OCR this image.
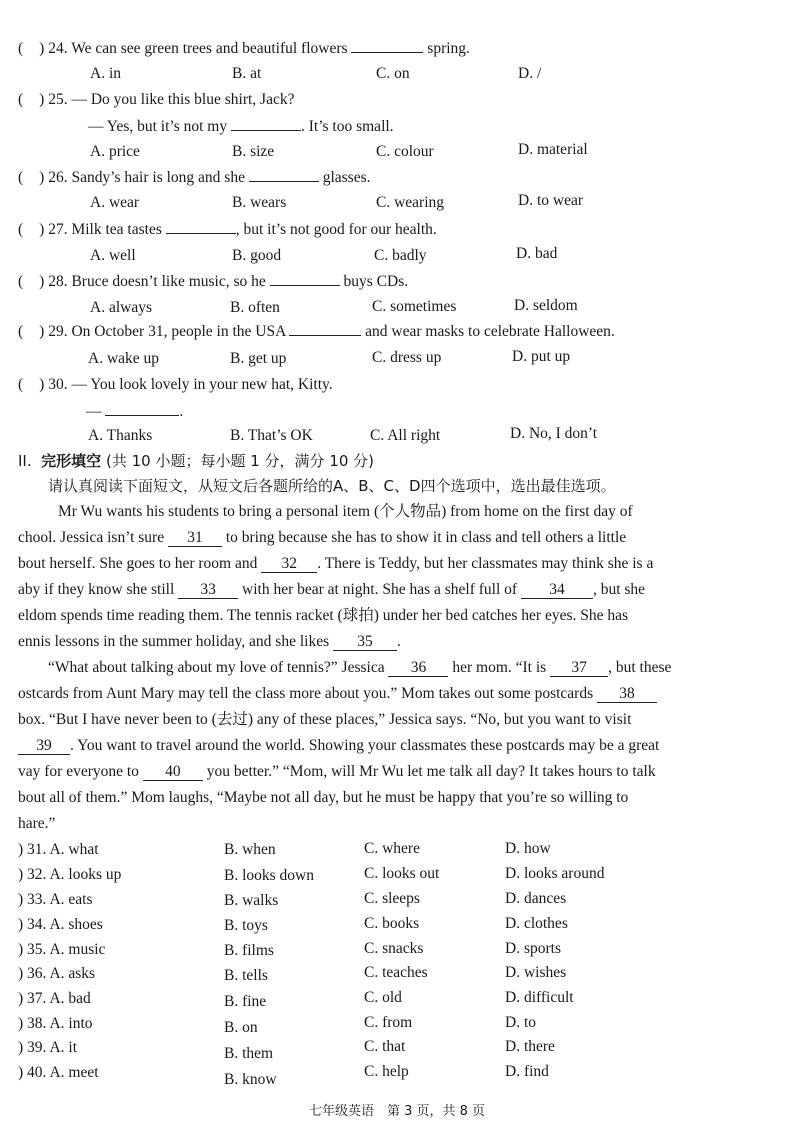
( ) 24. We can see green trees and beautiful flowers	spring.
A. in	B. at	C. on	D. /
( ) 25. — Do you like this blue shirt, Jack?
— Yes, but it’s not my	. It’s too small.
A. price	B. size	C. colour	D. material
( ) 26. Sandy’s hair is long and she	glasses.
A. wear	B. wears	C. wearing	D. to wear
( ) 27. Milk tea tastes	, but it’s not good for our health.
A. well	B. good	C. badly	D. bad
( ) 28. Bruce doesn’t like music, so he	buys CDs.
A. always	B. often	C. sometimes	D. seldom
( ) 29. On October 31, people in the USA	and wear masks to celebrate Halloween.
A. wake up	B. get up	C. dress up	D. put up
( ) 30. — You look lovely in your new hat, Kitty.
—	.
A. Thanks	B. That’s OK	C. All right	D. No, I don’t
II. 完形填空 (共 10 小题；每小题 1 分，满分 10 分)
请认真阅读下面短文，从短文后各题所给的A、B、C、D四个选项中，选出最佳选项。
Mr Wu wants his students to bring a personal item (个人物品) from home on the first day of
chool. Jessica isn’t sure 31 to bring because she has to show it in class and tell others a little
bout herself. She goes to her room and 32 . There is Teddy, but her classmates may think she is a
aby if they know she still 33 with her bear at night. She has a shelf full of 34 , but she
eldom spends time reading them. The tennis racket (球拍) under her bed catches her eyes. She has
ennis lessons in the summer holiday, and she likes 35 .
“What about talking about my love of tennis?” Jessica 36 her mom. “It is 37 , but these
ostcards from Aunt Mary may tell the class more about you.” Mom takes out some postcards 38
box. “But I have never been to (去过) any of these places,” Jessica says. “No, but you want to visit
39 . You want to travel around the world. Showing your classmates these postcards may be a great
vay for everyone to 40 you better.” “Mom, will Mr Wu let me talk all day? It takes hours to talk
bout all of them.” Mom laughs, “Maybe not all day, but he must be happy that you’re so willing to
hare.”
) 31. A. what	B. when	C. where	D. how
) 32. A. looks up	B. looks down	C. looks out	D. looks around
) 33. A. eats	B. walks	C. sleeps	D. dances
) 34. A. shoes	B. toys	C. books	D. clothes
) 35. A. music	B. films	C. snacks	D. sports
) 36. A. asks	B. tells	C. teaches	D. wishes
) 37. A. bad	B. fine	C. old	D. difficult
) 38. A. into	B. on	C. from	D. to
) 39. A. it	B. them	C. that	D. there
) 40. A. meet	B. know	C. help	D. find
七年级英语　第 3 页，共 8 页
